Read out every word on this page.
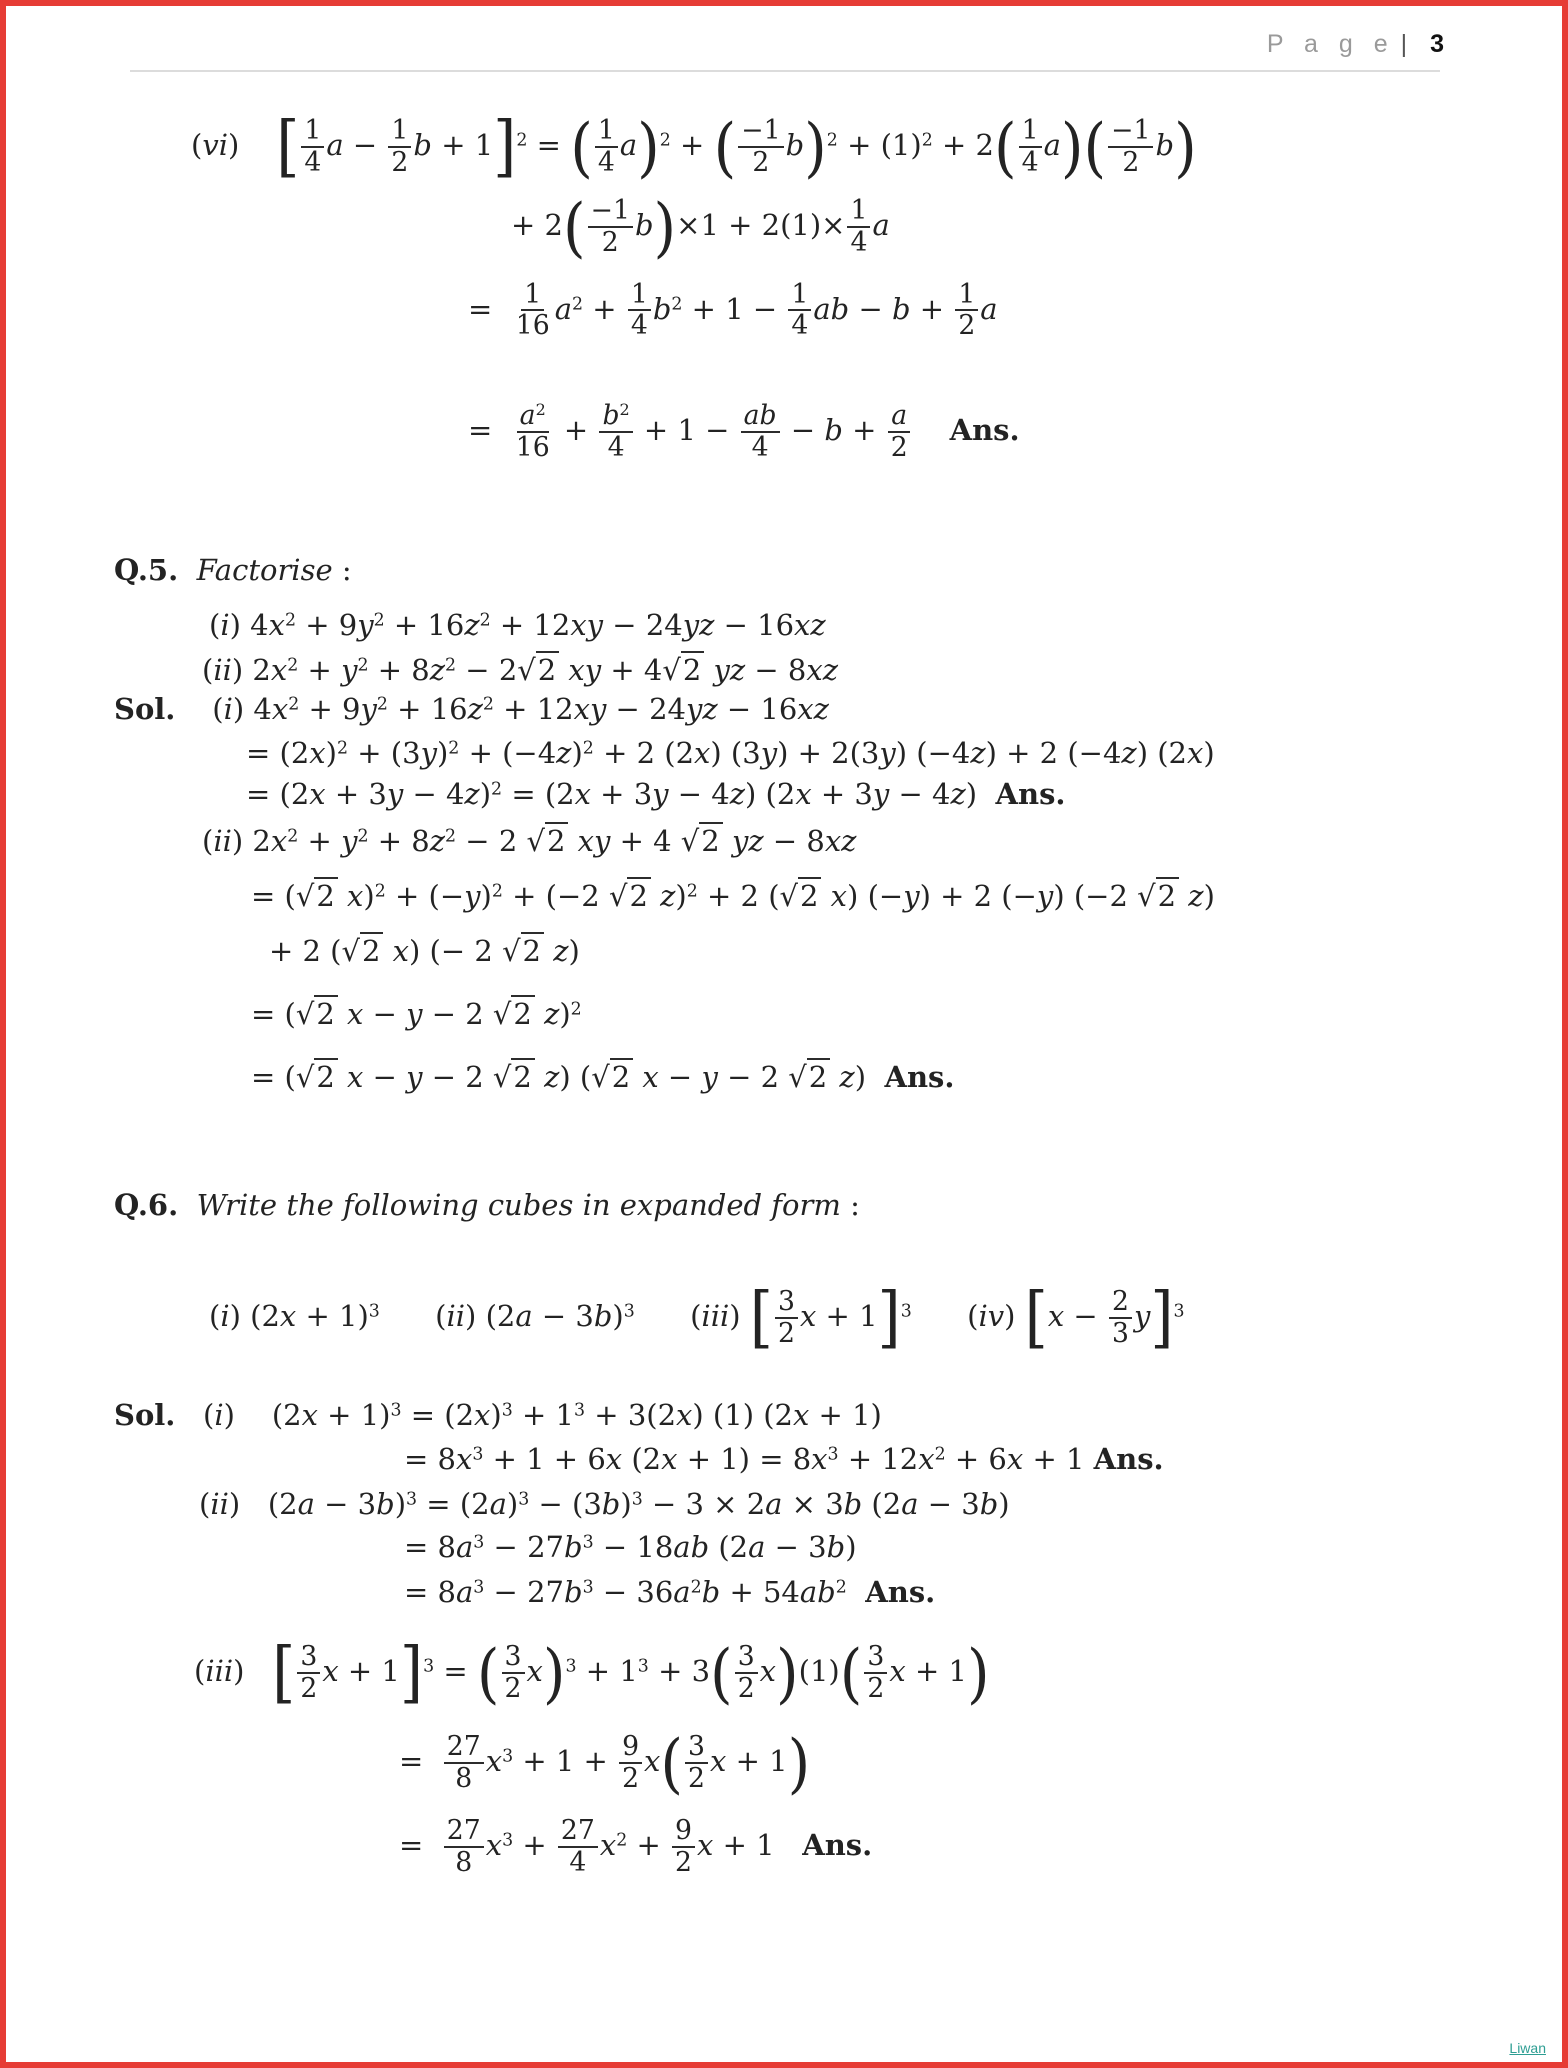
P a g e | 3
(vi)    [ $\frac{1}{4}$ $a - \frac{1}{2}$ b + 1]$^2$ = ( $\frac{1}{4} a)^2$ + ( $\frac{-1}{2} b)^2 + (1)^2 + 2( \frac{1}{4} a)( \frac{-1}{2} b)$
+ $2( \frac{-1}{2} b)\times 1 + 2(1)\times \frac{1}{4}$ a
= $\frac{1}{16} a^2 + \frac{1}{4} b^2 + 1 - \frac{1}{4}$ ab − $b + \frac{1}{2}$ a
= $\frac{a^2}{16} + \frac{b^2}{4} + 1 - \frac{ab}{4} - b + \frac{a}{2}$ Ans.
Q.5. Factorise :
(i) $4x^2 + 9y^2 + 16z^2 + 12xy - 24yz - 16xz$
(ii) $2x^2 + y^2 + 8z^2 - 2√2$ xy + 4√2 yz − 8xz
Sol.    (i) $4x^2 + 9y^2 + 16z^2 + 12xy - 24yz - 16xz$
= $(2x)^2 + (3y)^2 + (-4z)^2 + 2$ (2x) (3y) + 2(3y) (−4z) + 2 (−4z) (2x)
= $(2x + 3y - 4z)^2 = (2x + 3y - 4z)$ (2x + 3y − 4z)  Ans.
(ii) $2x^2 + y^2 + 8z^2 - 2$ √2 xy + 4 √2 yz − 8xz
= (√2 $x)^2 + (-y)^2 + (-2$ √2 z)$^2$ + 2 (√2 x) (−y) + 2 (−y) (−2 √2 z)
+ 2 (√2 x) (− 2 √2 z)
= (√2 x − y − 2 √2 z)$^2$
= (√2 x − y − 2 √2 z) (√2 x − y − 2 √2 z)  Ans.
Q.6. Write the following cubes in expanded form :
(i) $(2x + 1)^3$      (ii) $(2a - 3b)^3$      (iii) [ $\frac{3}{2}$ x + 1]$^3$      (iv) $[x - \frac{2}{3} y]^3$
Sol.   (i)    $(2x + 1)^3 = (2x)^3 + 1^3 + 3(2x)$ (1) (2x + 1)
= $8x^3 + 1 + 6x$ $(2x + 1) = 8x^3 + 12x^2 + 6x + 1$ Ans.
(ii)   $(2a - 3b)^3 = (2a)^3 - (3b)^3 - 3 \times 2a \times 3b$ (2a − 3b)
= $8a^3 - 27b^3 - 18ab$ (2a − 3b)
= $8a^3 - 27b^3 - 36a^2b + 54ab^2$ Ans.
(iii)   [ $\frac{3}{2}$ x + 1]$^3$ = ( $\frac{3}{2} x)^3 + 1^3 + 3( \frac{3}{2} x)(1)( \frac{3}{2}$ x + 1)
= $\frac{27}{8} x^3 + 1 + \frac{9}{2} x( \frac{3}{2}$ x + 1)
= $\frac{27}{8} x^3 + \frac{27}{4} x^2 + \frac{9}{2}$ x + 1   Ans.
Liwan
